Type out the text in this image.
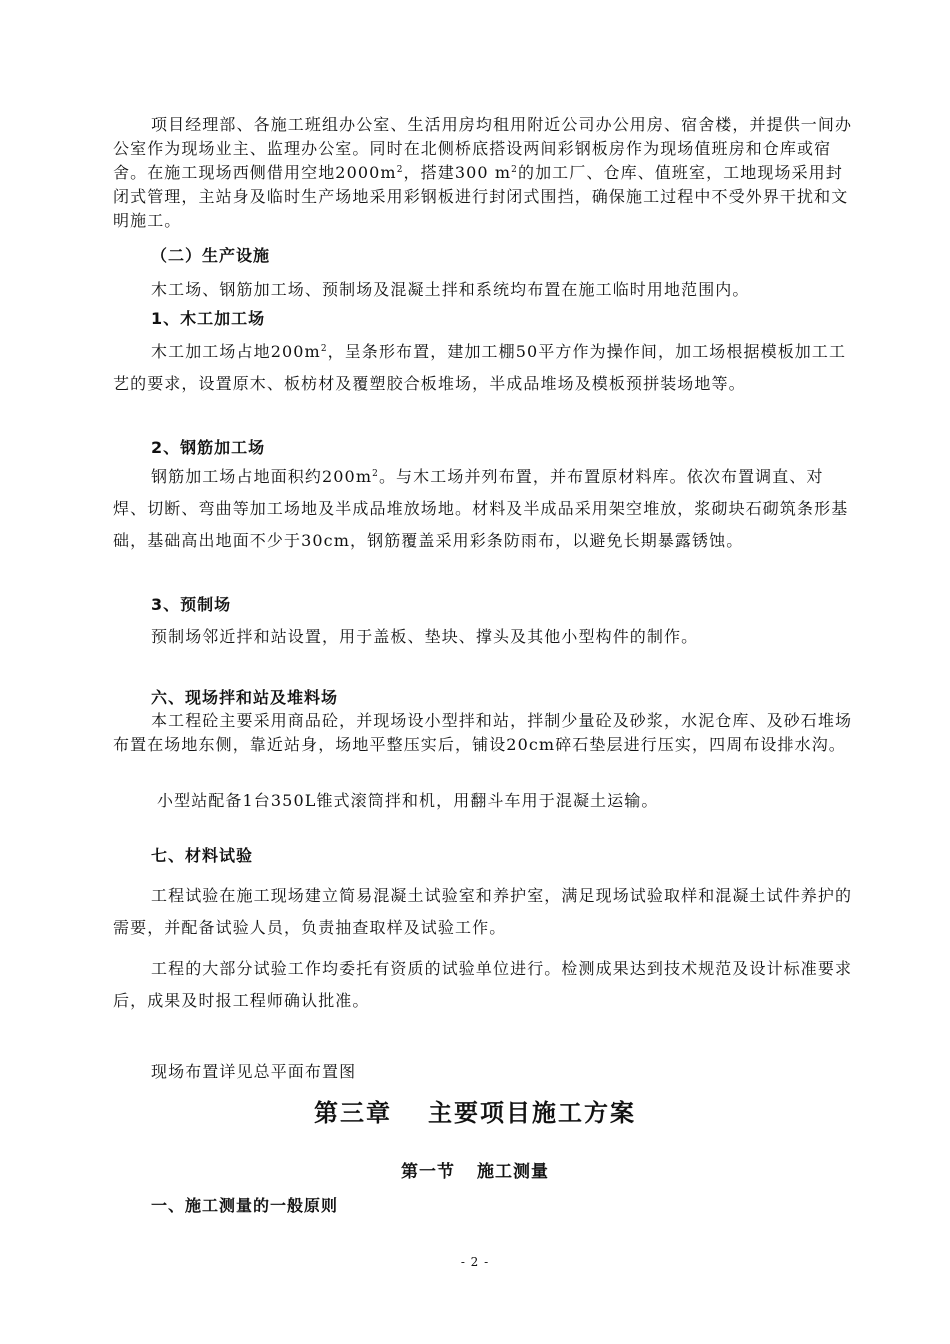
项目经理部、各施工班组办公室、生活用房均租用附近公司办公用房、宿舍楼，并提供一间办公室作为现场业主、监理办公室。同时在北侧桥底搭设两间彩钢板房作为现场值班房和仓库或宿舍。在施工现场西侧借用空地$2000m^2$，搭建300 $m^2$的加工厂、仓库、值班室，工地现场采用封闭式管理，主站身及临时生产场地采用彩钢板进行封闭式围挡，确保施工过程中不受外界干扰和文明施工。

（二）生产设施

木工场、钢筋加工场、预制场及混凝土拌和系统均布置在施工临时用地范围内。

1、木工加工场

木工加工场占地$200m^2$，呈条形布置，建加工棚50平方作为操作间，加工场根据模板加工工艺的要求，设置原木、板枋材及覆塑胶合板堆场，半成品堆场及模板预拼装场地等。

2、钢筋加工场

钢筋加工场占地面积约$200m^2$。与木工场并列布置，并布置原材料库。依次布置调直、对焊、切断、弯曲等加工场地及半成品堆放场地。材料及半成品采用架空堆放，浆砌块石砌筑条形基础，基础高出地面不少于30cm，钢筋覆盖采用彩条防雨布，以避免长期暴露锈蚀。

3、预制场

预制场邻近拌和站设置，用于盖板、垫块、撑头及其他小型构件的制作。

六、现场拌和站及堆料场

本工程砼主要采用商品砼，并现场设小型拌和站，拌制少量砼及砂浆，水泥仓库、及砂石堆场布置在场地东侧，靠近站身，场地平整压实后，铺设20cm碎石垫层进行压实，四周布设排水沟。

小型站配备1台350L锥式滚筒拌和机，用翻斗车用于混凝土运输。

七、材料试验

工程试验在施工现场建立简易混凝土试验室和养护室，满足现场试验取样和混凝土试件养护的需要，并配备试验人员，负责抽查取样及试验工作。

工程的大部分试验工作均委托有资质的试验单位进行。检测成果达到技术规范及设计标准要求后，成果及时报工程师确认批准。

现场布置详见总平面布置图

第三章 主要项目施工方案
第一节 施工测量
一、施工测量的一般原则
- 2 -
